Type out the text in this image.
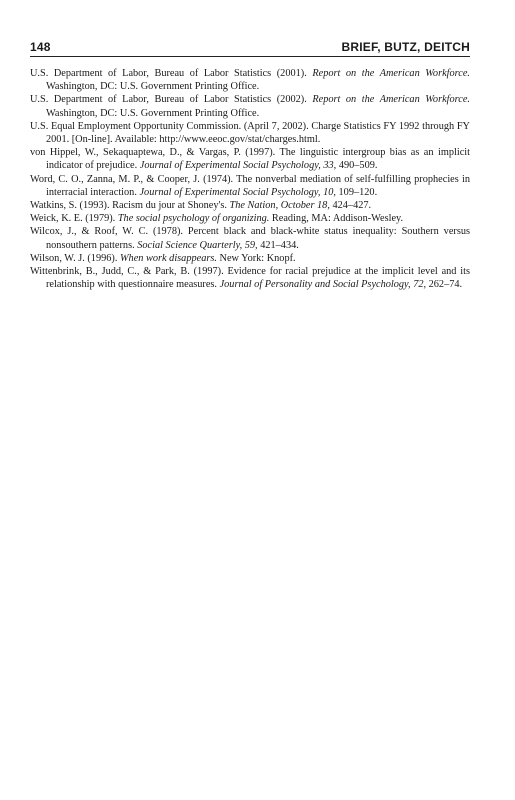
148	BRIEF, BUTZ, DEITCH
U.S. Department of Labor, Bureau of Labor Statistics (2001). Report on the American Workforce. Washington, DC: U.S. Government Printing Office.
U.S. Department of Labor, Bureau of Labor Statistics (2002). Report on the American Workforce. Washington, DC: U.S. Government Printing Office.
U.S. Equal Employment Opportunity Commission. (April 7, 2002). Charge Statistics FY 1992 through FY 2001. [On-line]. Available: http://www.eeoc.gov/stat/charges.html.
von Hippel, W., Sekaquaptewa, D., & Vargas, P. (1997). The linguistic intergroup bias as an implicit indicator of prejudice. Journal of Experimental Social Psychology, 33, 490–509.
Word, C. O., Zanna, M. P., & Cooper, J. (1974). The nonverbal mediation of self-fulfilling prophecies in interracial interaction. Journal of Experimental Social Psychology, 10, 109–120.
Watkins, S. (1993). Racism du jour at Shoney's. The Nation, October 18, 424–427.
Weick, K. E. (1979). The social psychology of organizing. Reading, MA: Addison-Wesley.
Wilcox, J., & Roof, W. C. (1978). Percent black and black-white status inequality: Southern versus nonsouthern patterns. Social Science Quarterly, 59, 421–434.
Wilson, W. J. (1996). When work disappears. New York: Knopf.
Wittenbrink, B., Judd, C., & Park, B. (1997). Evidence for racial prejudice at the implicit level and its relationship with questionnaire measures. Journal of Personality and Social Psychology, 72, 262–74.
